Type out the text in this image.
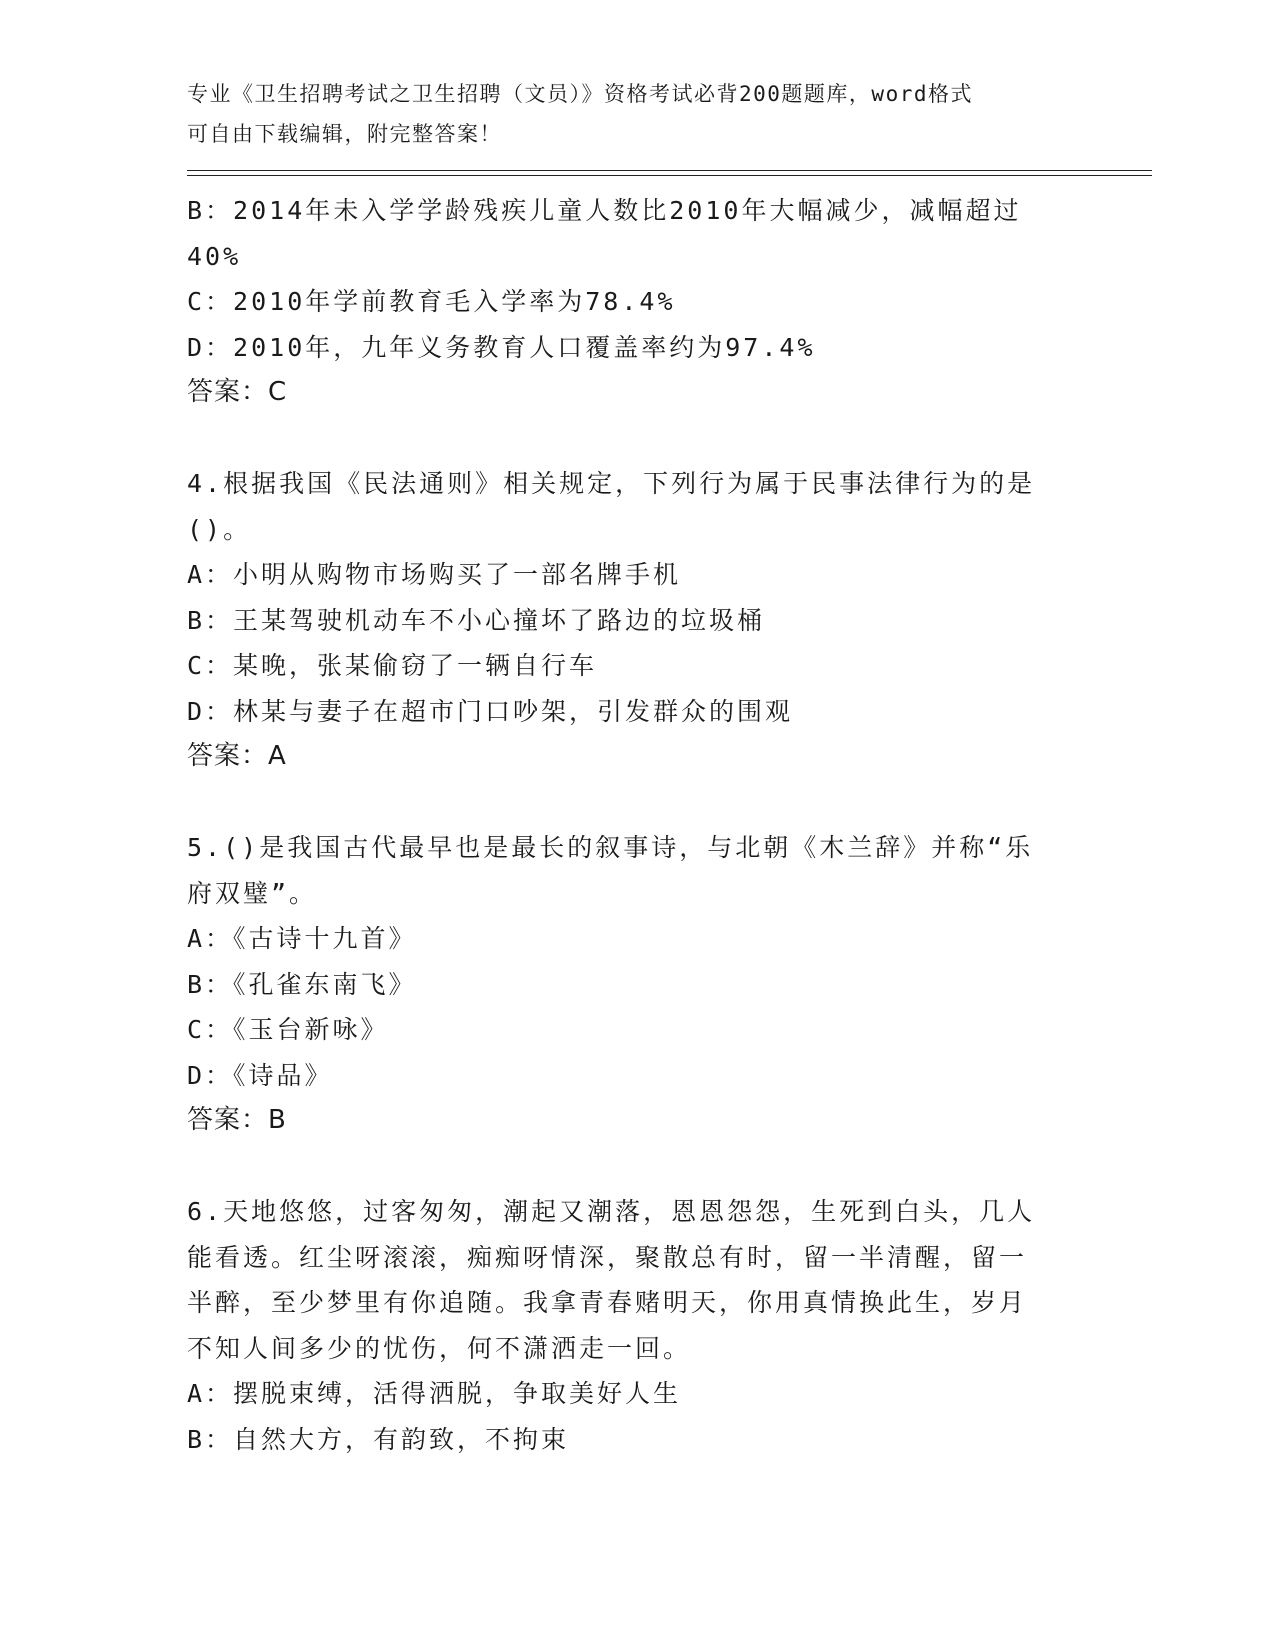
专业《卫生招聘考试之卫生招聘（文员）》资格考试必背200题题库，word格式
可自由下载编辑，附完整答案！
B：2014年未入学学龄残疾儿童人数比2010年大幅减少，减幅超过
40%
C：2010年学前教育毛入学率为78.4%
D：2010年，九年义务教育人口覆盖率约为97.4%
答案：C
4.根据我国《民法通则》相关规定，下列行为属于民事法律行为的是
()。
A：小明从购物市场购买了一部名牌手机
B：王某驾驶机动车不小心撞坏了路边的垃圾桶
C：某晚，张某偷窃了一辆自行车
D：林某与妻子在超市门口吵架，引发群众的围观
答案：A
5.()是我国古代最早也是最长的叙事诗，与北朝《木兰辞》并称“乐
府双璧”。
A：《古诗十九首》
B：《孔雀东南飞》
C：《玉台新咏》
D：《诗品》
答案：B
6.天地悠悠，过客匆匆，潮起又潮落，恩恩怨怨，生死到白头，几人
能看透。红尘呀滚滚，痴痴呀情深，聚散总有时，留一半清醒，留一
半醉，至少梦里有你追随。我拿青春赌明天，你用真情换此生，岁月
不知人间多少的忧伤，何不潇洒走一回。
A：摆脱束缚，活得洒脱，争取美好人生
B：自然大方，有韵致，不拘束
